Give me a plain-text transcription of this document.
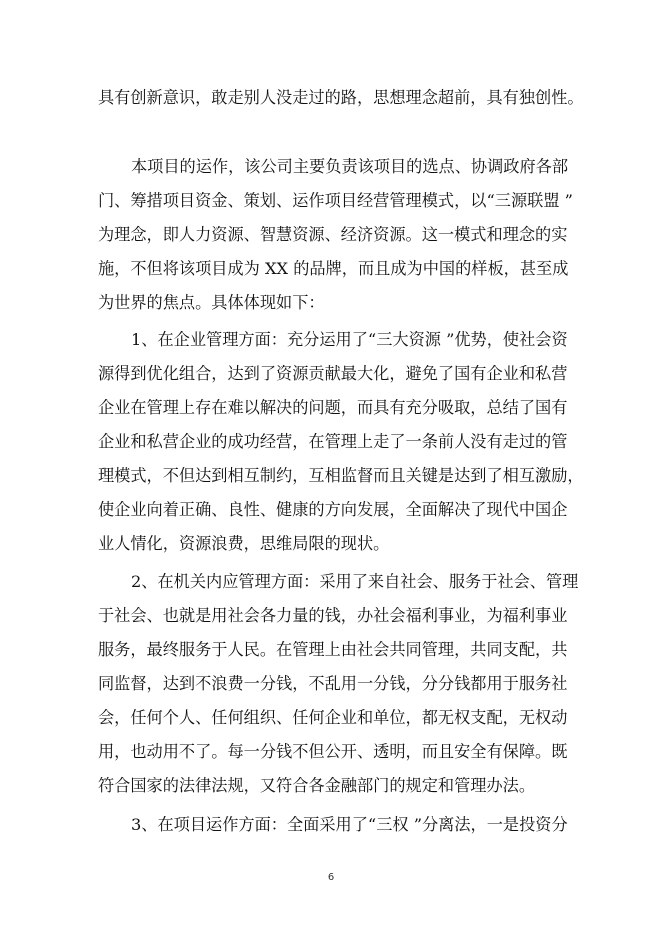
具有创新意识，敢走别人没走过的路，思想理念超前，具有独创性。
本项目的运作，该公司主要负责该项目的选点、协调政府各部
门、筹措项目资金、策划、运作项目经营管理模式，以“三源联盟 ”
为理念，即人力资源、智慧资源、经济资源。这一模式和理念的实
施，不但将该项目成为 XX 的品牌，而且成为中国的样板，甚至成
为世界的焦点。具体体现如下：
1、在企业管理方面：充分运用了“三大资源 ”优势，使社会资
源得到优化组合，达到了资源贡献最大化，避免了国有企业和私营
企业在管理上存在难以解决的问题，而具有充分吸取，总结了国有
企业和私营企业的成功经营，在管理上走了一条前人没有走过的管
理模式，不但达到相互制约，互相监督而且关键是达到了相互激励，
使企业向着正确、良性、健康的方向发展，全面解决了现代中国企
业人情化，资源浪费，思维局限的现状。
2、在机关内应管理方面：采用了来自社会、服务于社会、管理
于社会、也就是用社会各力量的钱，办社会福利事业，为福利事业
服务，最终服务于人民。在管理上由社会共同管理，共同支配，共
同监督，达到不浪费一分钱，不乱用一分钱，分分钱都用于服务社
会，任何个人、任何组织、任何企业和单位，都无权支配，无权动
用，也动用不了。每一分钱不但公开、透明，而且安全有保障。既
符合国家的法律法规，又符合各金融部门的规定和管理办法。
3、在项目运作方面：全面采用了“三权 ”分离法，一是投资分
6
